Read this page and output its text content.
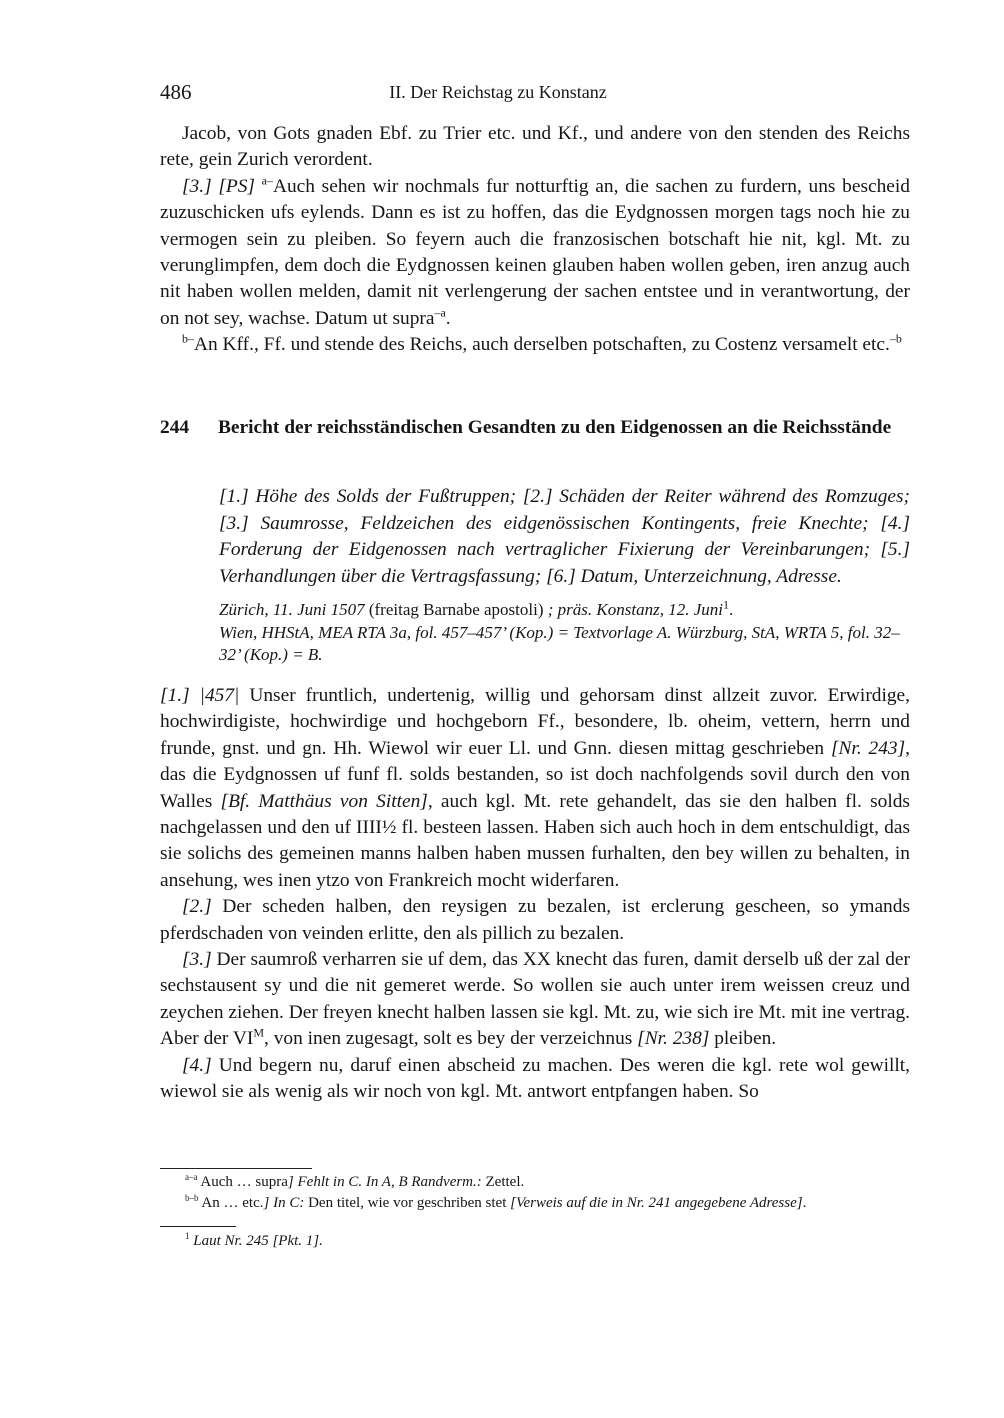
486	II. Der Reichstag zu Konstanz

Jacob, von Gots gnaden Ebf. zu Trier etc. und Kf., und andere von den stenden des Reichs rete, gein Zurich verordent.

[3.] [PS] $^{a-}$Auch sehen wir nochmals fur notturftig an, die sachen zu furdern, uns bescheid zuzuschicken ufs eylends. Dann es ist zu hoffen, das die Eydgnossen morgen tags noch hie zu vermogen sein zu pleiben. So feyern auch die franzosischen botschaft hie nit, kgl. Mt. zu verunglimpfen, dem doch die Eydgnossen keinen glauben haben wollen geben, iren anzug auch nit haben wollen melden, damit nit verlengerung der sachen entstee und in verantwortung, der on not sey, wachse. Datum ut supra$^{-a}$.

$^{b-}$An Kff., Ff. und stende des Reichs, auch derselben potschaften, zu Costenz versamelt etc.$^{-b}$

244 Bericht der reichsständischen Gesandten zu den Eidgenossen an die Reichsstände
[1.] Höhe des Solds der Fußtruppen; [2.] Schäden der Reiter während des Romzuges; [3.] Saumrosse, Feldzeichen des eidgenössischen Kontingents, freie Knechte; [4.] Forderung der Eidgenossen nach vertraglicher Fixierung der Vereinbarungen; [5.] Verhandlungen über die Vertragsfassung; [6.] Datum, Unterzeichnung, Adresse.
Zürich, 11. Juni 1507 (freitag Barnabe apostoli) ; präs. Konstanz, 12. Juni$^1$.
Wien, HHStA, MEA RTA 3a, fol. 457–457’ (Kop.) = Textvorlage A. Würzburg, StA, WRTA 5, fol. 32–32’ (Kop.) = B.

[1.] |457| Unser fruntlich, undertenig, willig und gehorsam dinst allzeit zuvor. Erwirdige, hochwirdigiste, hochwirdige und hochgeborn Ff., besondere, lb. oheim, vettern, herrn und frunde, gnst. und gn. Hh. Wiewol wir euer Ll. und Gnn. diesen mittag geschrieben [Nr. 243], das die Eydgnossen uf funf fl. solds bestanden, so ist doch nachfolgends sovil durch den von Walles [Bf. Matthäus von Sitten], auch kgl. Mt. rete gehandelt, das sie den halben fl. solds nachgelassen und den uf IIII½ fl. besteen lassen. Haben sich auch hoch in dem entschuldigt, das sie solichs des gemeinen manns halben haben mussen furhalten, den bey willen zu behalten, in ansehung, wes inen ytzo von Frankreich mocht widerfaren.

[2.] Der scheden halben, den reysigen zu bezalen, ist erclerung gescheen, so ymands pferdschaden von veinden erlitte, den als pillich zu bezalen.

[3.] Der saumroß verharren sie uf dem, das XX knecht das furen, damit derselb uß der zal der sechstausent sy und die nit gemeret werde. So wollen sie auch unter irem weissen creuz und zeychen ziehen. Der freyen knecht halben lassen sie kgl. Mt. zu, wie sich ire Mt. mit ine vertrag. Aber der $VI^M$, von inen zugesagt, solt es bey der verzeichnus [Nr. 238] pleiben.

[4.] Und begern nu, daruf einen abscheid zu machen. Des weren die kgl. rete wol gewillt, wiewol sie als wenig als wir noch von kgl. Mt. antwort entpfangen haben. So

$^{a-a}$ Auch … supra] Fehlt in C. In A, B Randverm.: Zettel.
$^{b-b}$ An … etc.] In C: Den titel, wie vor geschriben stet [Verweis auf die in Nr. 241 angegebene Adresse].
$^1$ Laut Nr. 245 [Pkt. 1].
